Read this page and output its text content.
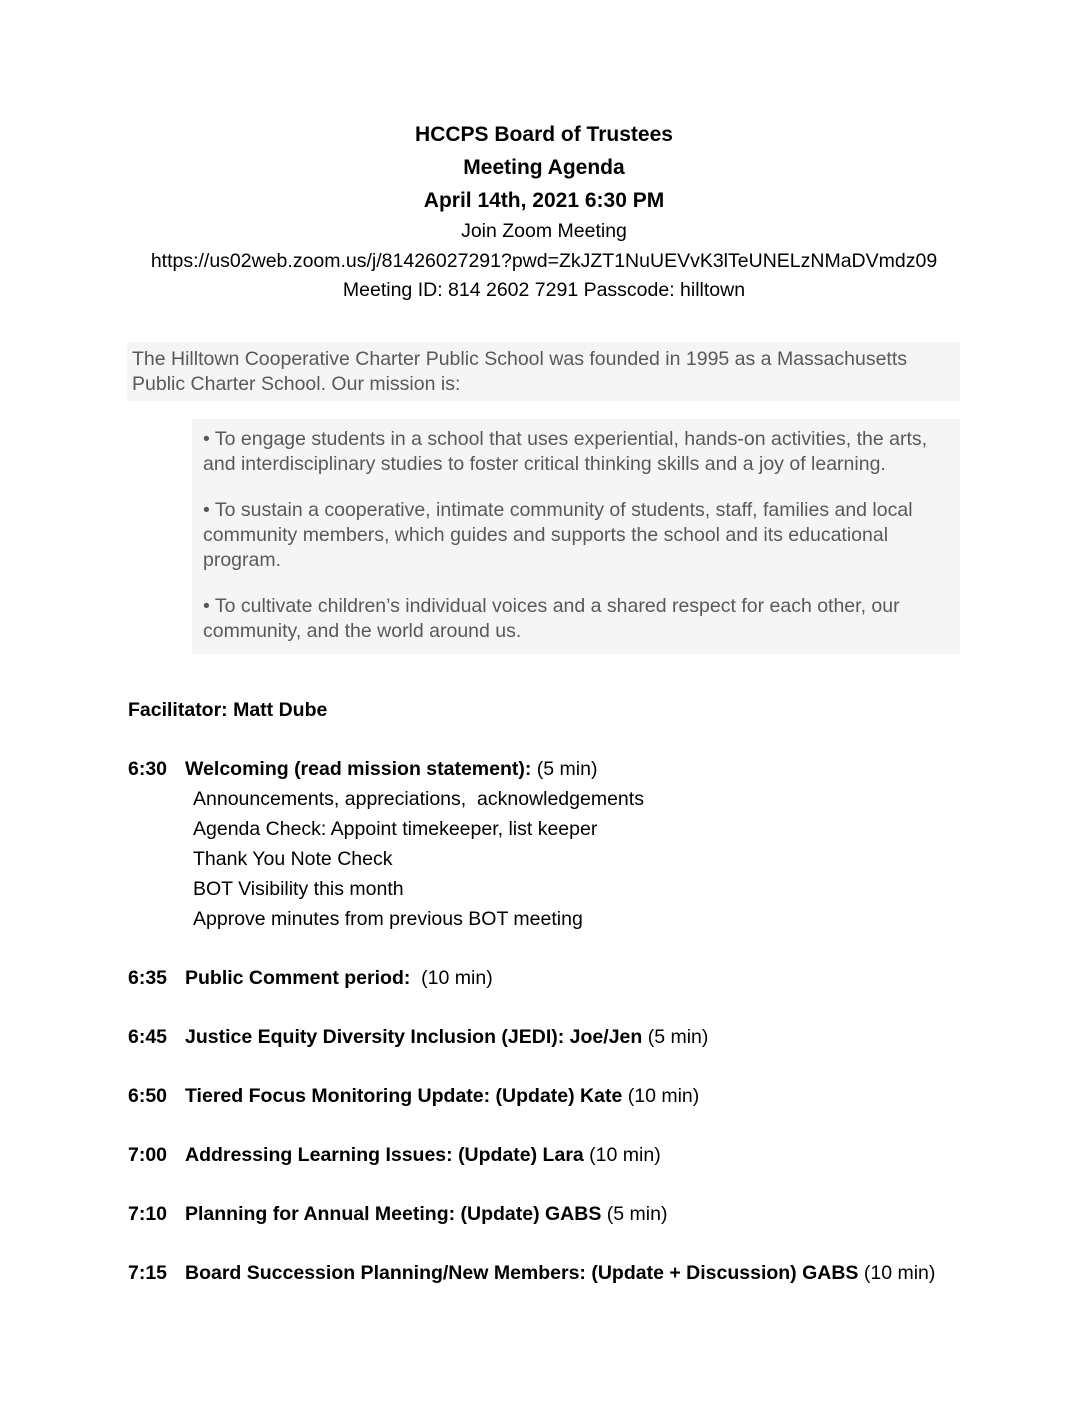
HCCPS Board of Trustees
Meeting Agenda
April 14th, 2021 6:30 PM
Join Zoom Meeting
https://us02web.zoom.us/j/81426027291?pwd=ZkJZT1NuUEVvK3lTeUNELzNMaDVmdz09
Meeting ID: 814 2602 7291 Passcode: hilltown
The Hilltown Cooperative Charter Public School was founded in 1995 as a Massachusetts Public Charter School. Our mission is:

• To engage students in a school that uses experiential, hands-on activities, the arts, and interdisciplinary studies to foster critical thinking skills and a joy of learning.

• To sustain a cooperative, intimate community of students, staff, families and local community members, which guides and supports the school and its educational program.

• To cultivate children’s individual voices and a shared respect for each other, our community, and the world around us.

Facilitator: Matt Dube
6:30 Welcoming (read mission statement): (5 min)
Announcements, appreciations,  acknowledgements
Agenda Check: Appoint timekeeper, list keeper
Thank You Note Check
BOT Visibility this month
Approve minutes from previous BOT meeting
6:35 Public Comment period:  (10 min)
6:45 Justice Equity Diversity Inclusion (JEDI): Joe/Jen (5 min)
6:50 Tiered Focus Monitoring Update: (Update) Kate (10 min)
7:00 Addressing Learning Issues: (Update) Lara (10 min)
7:10 Planning for Annual Meeting: (Update) GABS (5 min)
7:15 Board Succession Planning/New Members: (Update + Discussion) GABS (10 min)
